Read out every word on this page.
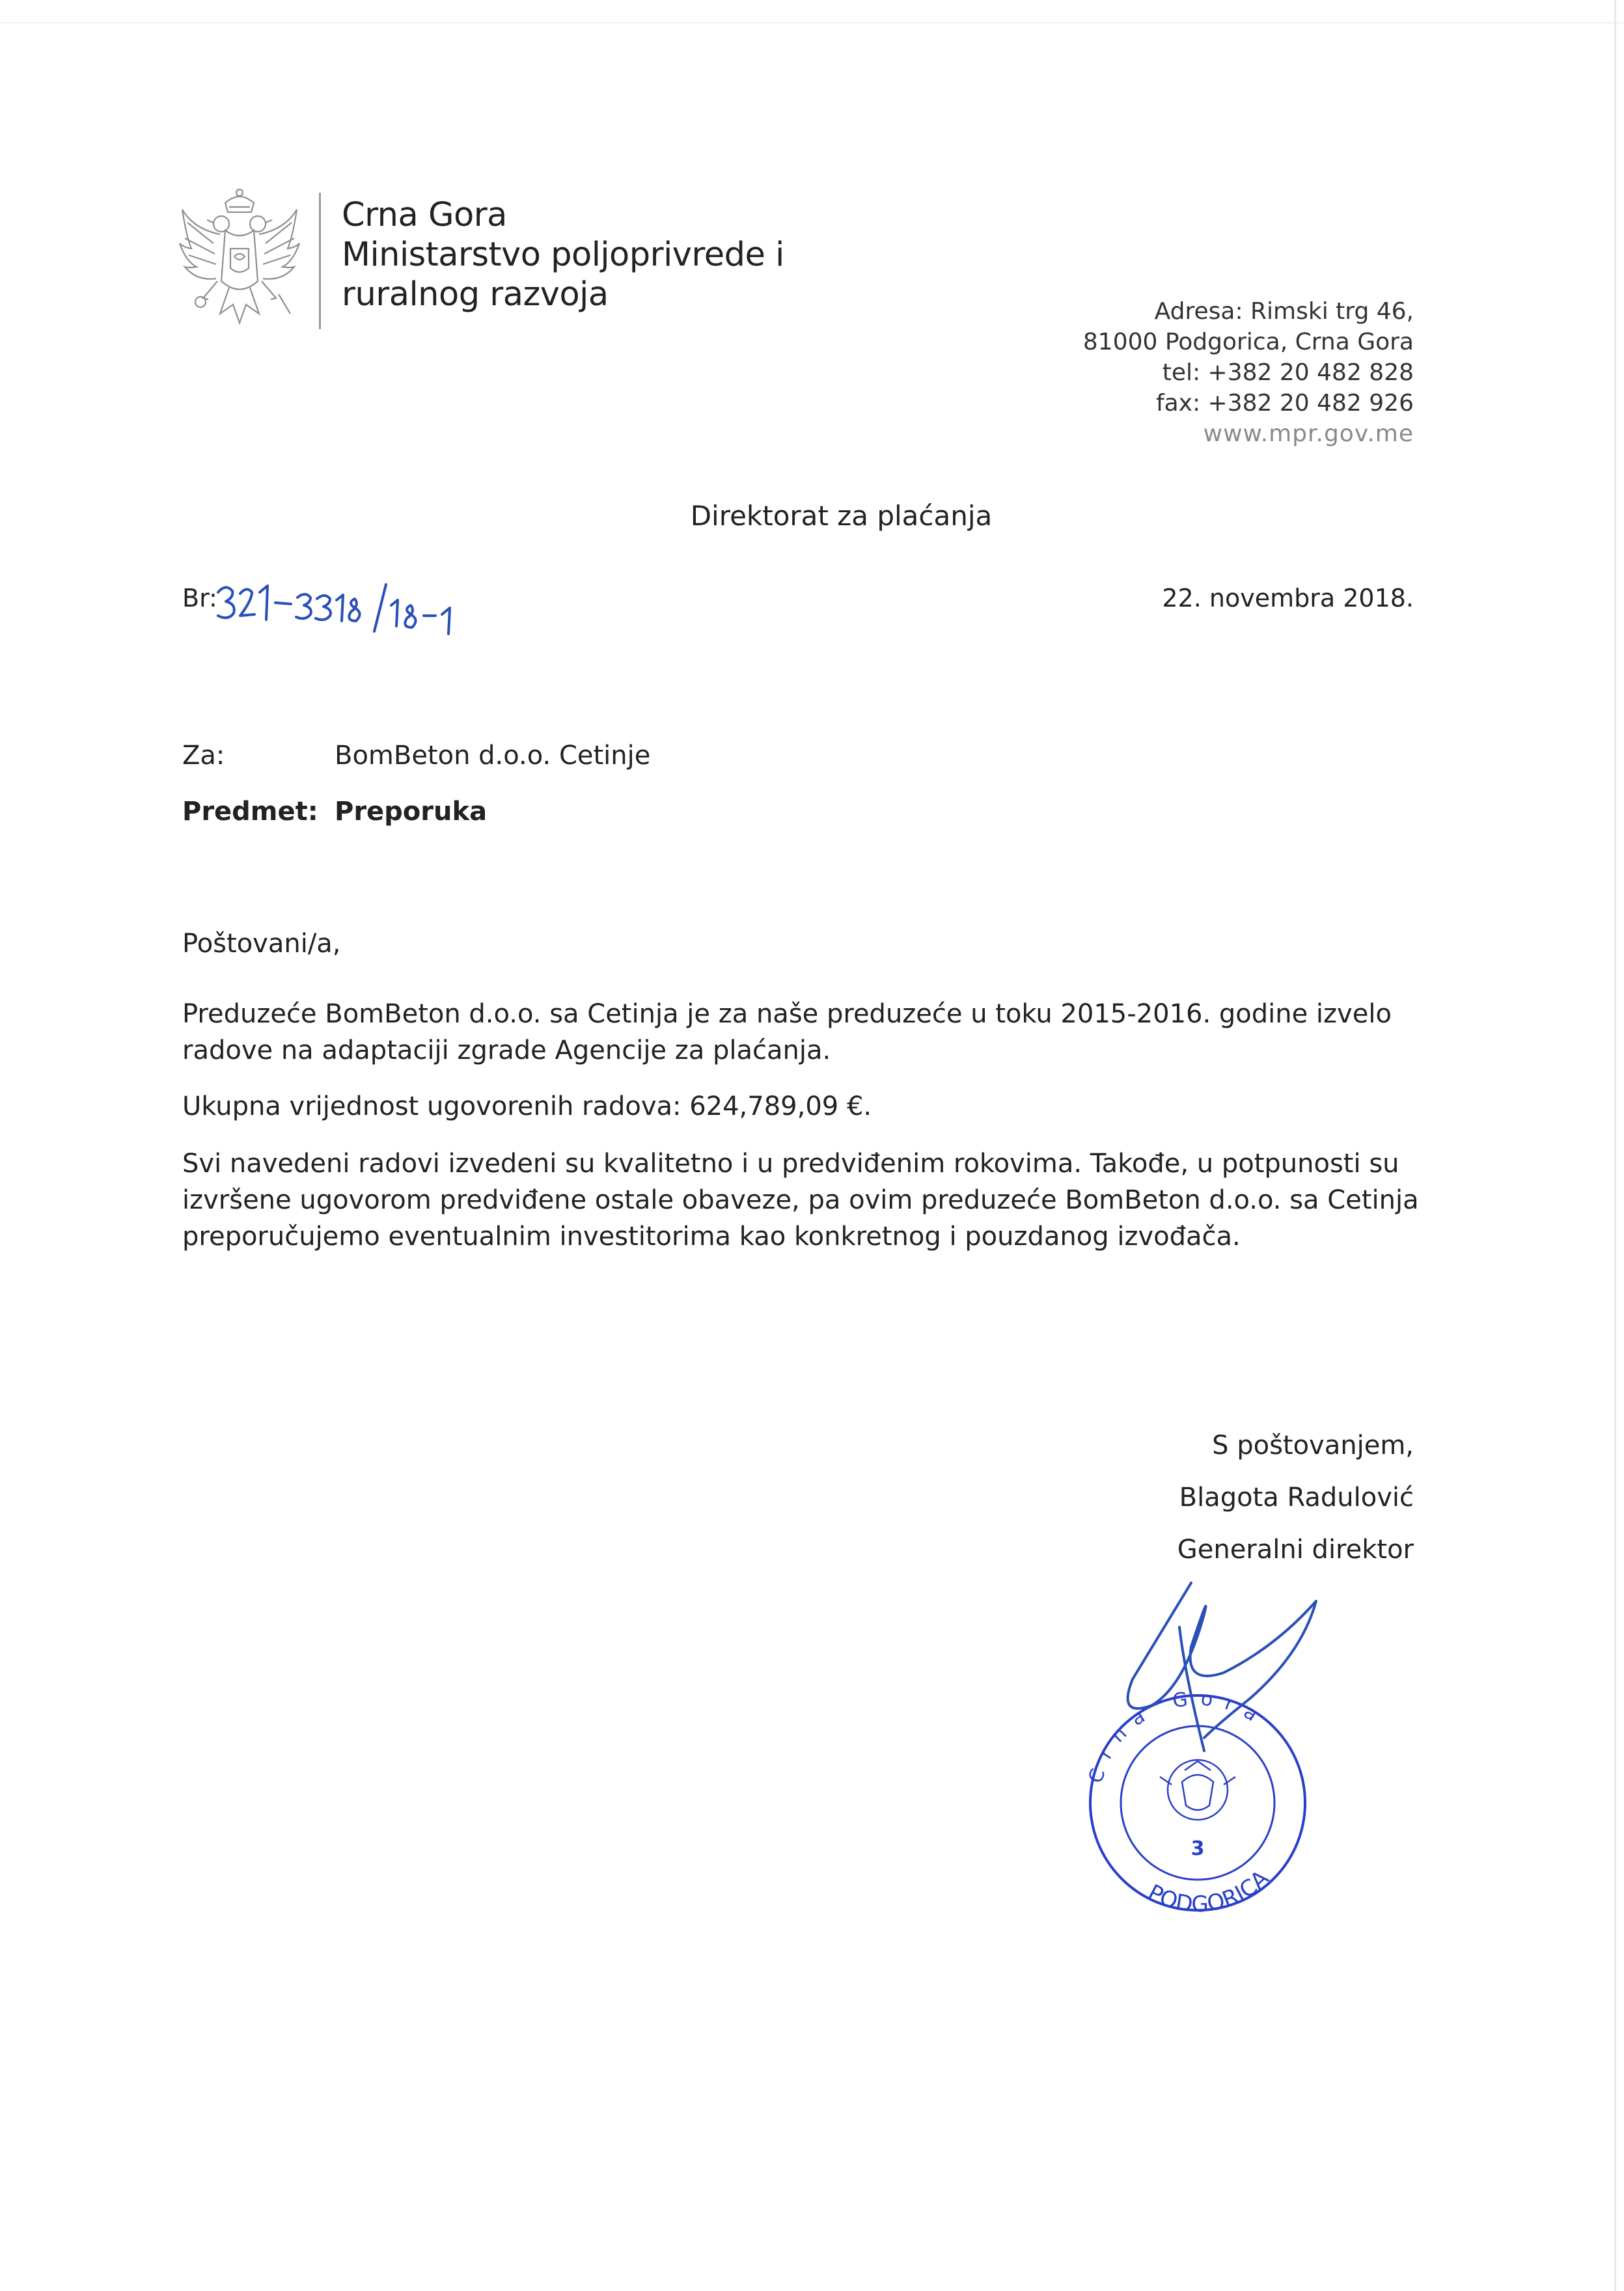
Crna Gora
Ministarstvo poljoprivrede i
ruralnog razvoja	Adresa: Rimski trg 46,
81000 Podgorica, Crna Gora
tel: +382 20 482 828
fax: +382 20 482 926
www.mpr.gov.me
Direktorat za plaćanja
Br:	22. novembra 2018.
Za:	BomBeton d.o.o. Cetinje
Predmet: Preporuka
Poštovani/a,
Preduzeće BomBeton d.o.o. sa Cetinja je za naše preduzeće u toku 2015-2016. godine izvelo radove na adaptaciji zgrade Agencije za plaćanja.
Ukupna vrijednost ugovorenih radova: 624,789,09 €.
Svi navedeni radovi izvedeni su kvalitetno i u predviđenim rokovima. Takođe, u potpunosti su izvršene ugovorom predviđene ostale obaveze, pa ovim preduzeće BomBeton d.o.o. sa Cetinja preporučujemo eventualnim investitorima kao konkretnog i pouzdanog izvođača.
S poštovanjem,
Blagota Radulović
Generalni direktor
Crna Gora
3
PODGORICA
